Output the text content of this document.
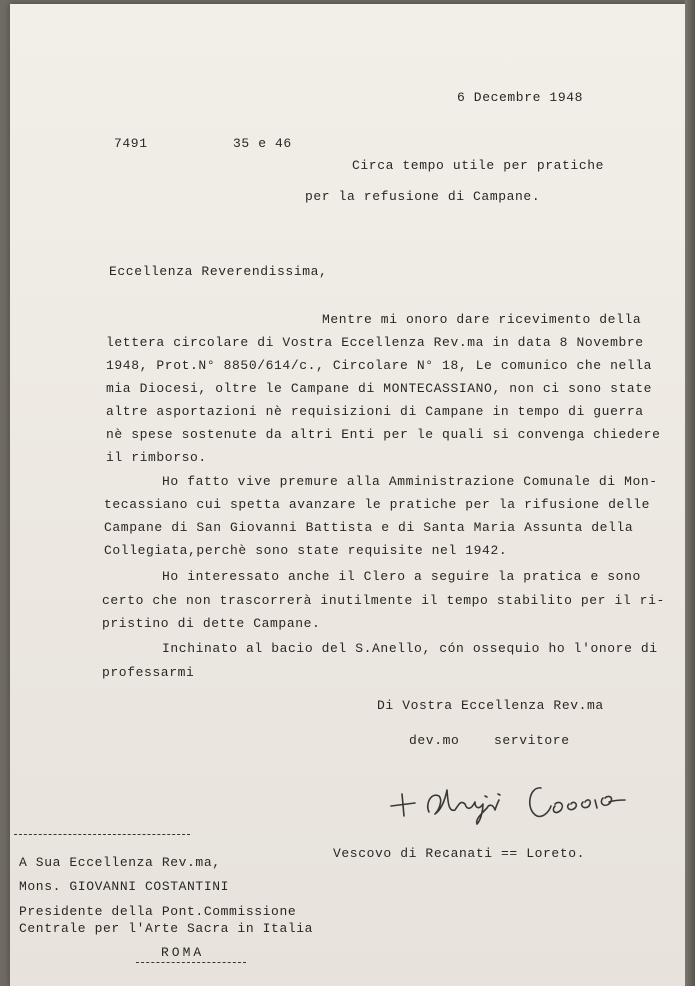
6 Decembre 1948
7491	35 e 46
Circa tempo utile per pratiche
per la refusione di Campane.
Eccellenza Reverendissima,
Mentre mi onoro dare ricevimento della
lettera circolare di Vostra Eccellenza Rev.ma in data 8 Novembre
1948, Prot.N° 8850/614/c., Circolare N° 18, Le comunico che nella
mia Diocesi, oltre le Campane di MONTECASSIANO, non ci sono state
altre asportazioni nè requisizioni di Campane in tempo di guerra
nè spese sostenute da altri Enti per le quali si convenga chiedere
il rimborso.
Ho fatto vive premure alla Amministrazione Comunale di Mon-
tecassiano cui spetta avanzare le pratiche per la rifusione delle
Campane di San Giovanni Battista e di Santa Maria Assunta della
Collegiata,perchè sono state requisite nel 1942.
Ho interessato anche il Clero a seguire la pratica e sono
certo che non trascorrerà inutilmente il tempo stabilito per il ri-
pristino di dette Campane.
Inchinato al bacio del S.Anello, cón ossequio ho l'onore di
professarmi
Di Vostra Eccellenza Rev.ma
dev.mo	servitore
Vescovo di Recanati == Loreto.
A Sua Eccellenza Rev.ma,
Mons. GIOVANNI COSTANTINI
Presidente della Pont.Commissione
Centrale per l'Arte Sacra in Italia
ROMA
